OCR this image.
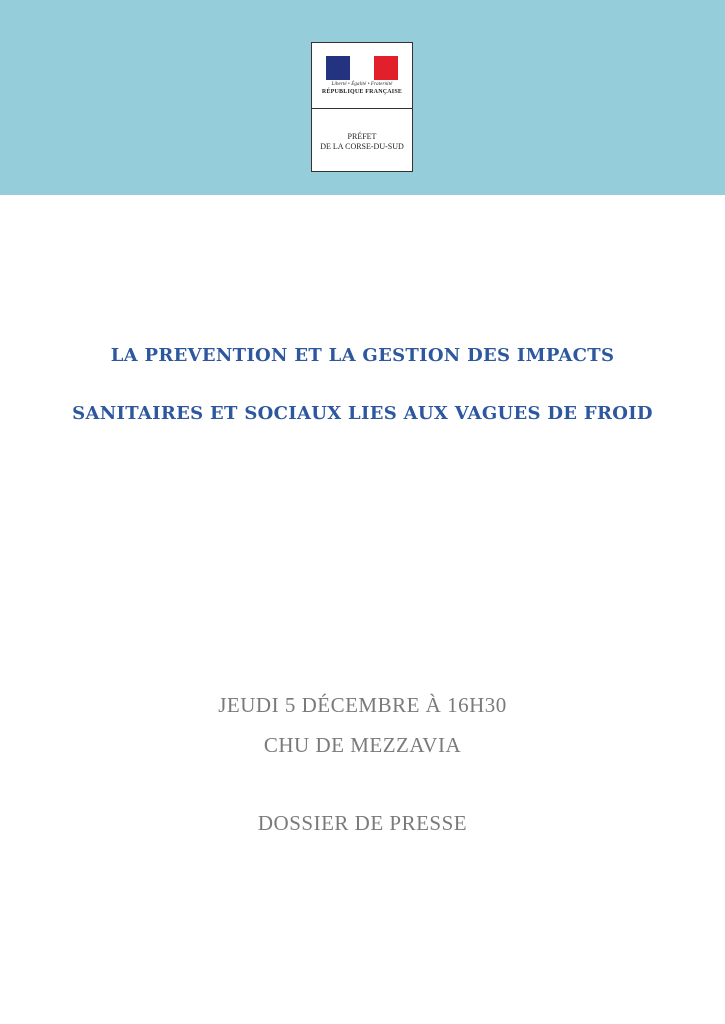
Liberté • Égalité • Fraternité
RÉPUBLIQUE FRANÇAISE
PRÉFET
DE LA CORSE-DU-SUD
LA PREVENTION ET LA GESTION DES IMPACTS
SANITAIRES ET SOCIAUX LIES AUX VAGUES DE FROID
JEUDI 5 DÉCEMBRE À 16H30
CHU DE MEZZAVIA
DOSSIER DE PRESSE
